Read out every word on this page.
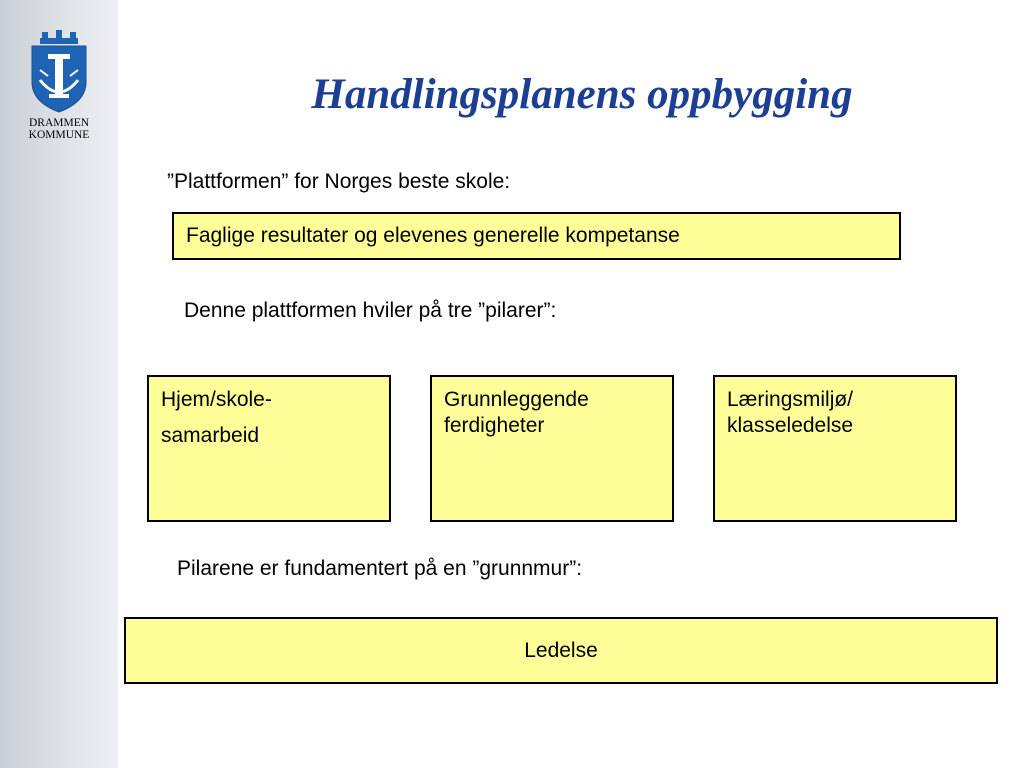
DRAMMEN
KOMMUNE
Handlingsplanens oppbygging
”Plattformen” for Norges beste skole:
Faglige resultater og elevenes generelle kompetanse
Denne plattformen hviler på tre ”pilarer”:
Hjem/skole-
samarbeid
Grunnleggende
ferdigheter
Læringsmiljø/
klasseledelse
Pilarene er fundamentert på en ”grunnmur”:
Ledelse
